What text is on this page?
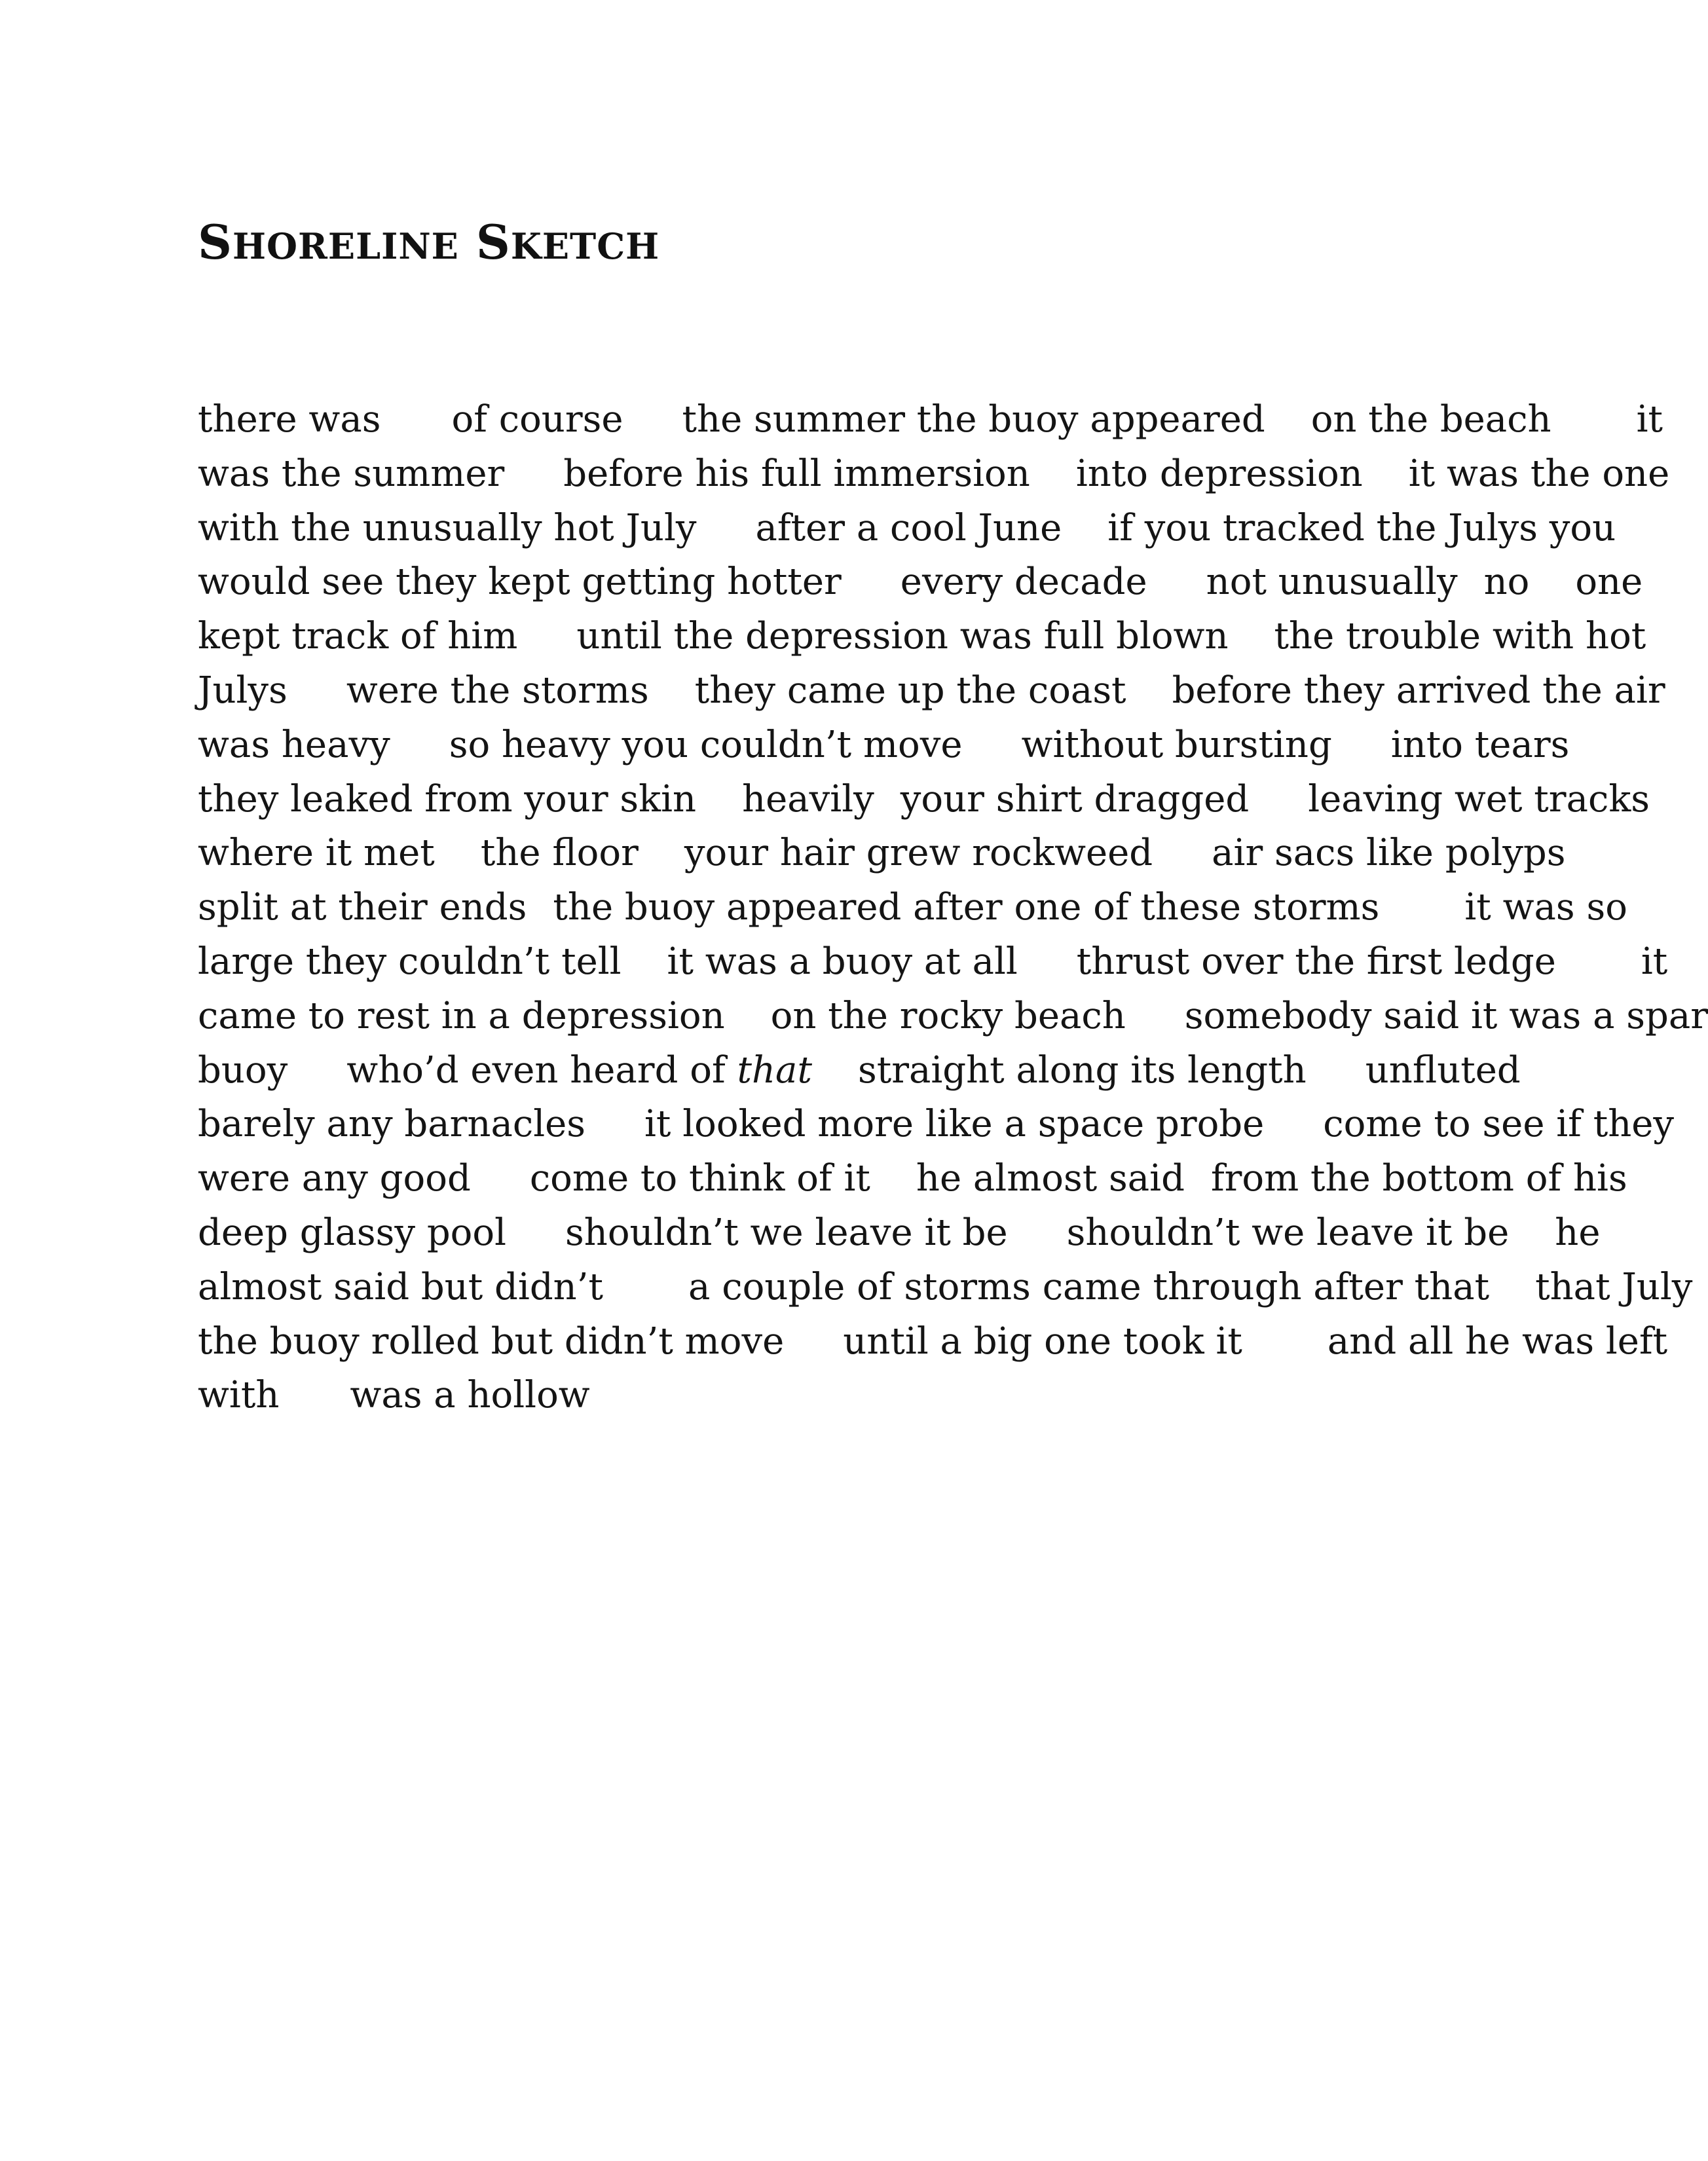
SHORELINE SKETCH
there was of course the summer the buoy appeared on the beach it
was the summer before his full immersion into depression it was the one
with the unusually hot July after a cool June if you tracked the Julys you
would see they kept getting hotter every decade not unusually no one
kept track of him until the depression was full blown the trouble with hot
Julys were the storms they came up the coast before they arrived the air
was heavy so heavy you couldn’t move without bursting into tears
they leaked from your skin heavily your shirt dragged leaving wet tracks
where it met the floor your hair grew rockweed air sacs like polyps
split at their ends the buoy appeared after one of these storms it was so
large they couldn’t tell it was a buoy at all thrust over the first ledge it
came to rest in a depression on the rocky beach somebody said it was a spar
buoy who’d even heard of that straight along its length unfluted
barely any barnacles it looked more like a space probe come to see if they
were any good come to think of it he almost said from the bottom of his
deep glassy pool shouldn’t we leave it be shouldn’t we leave it be he
almost said but didn’t a couple of storms came through after that that July
the buoy rolled but didn’t move until a big one took it and all he was left
with was a hollow
